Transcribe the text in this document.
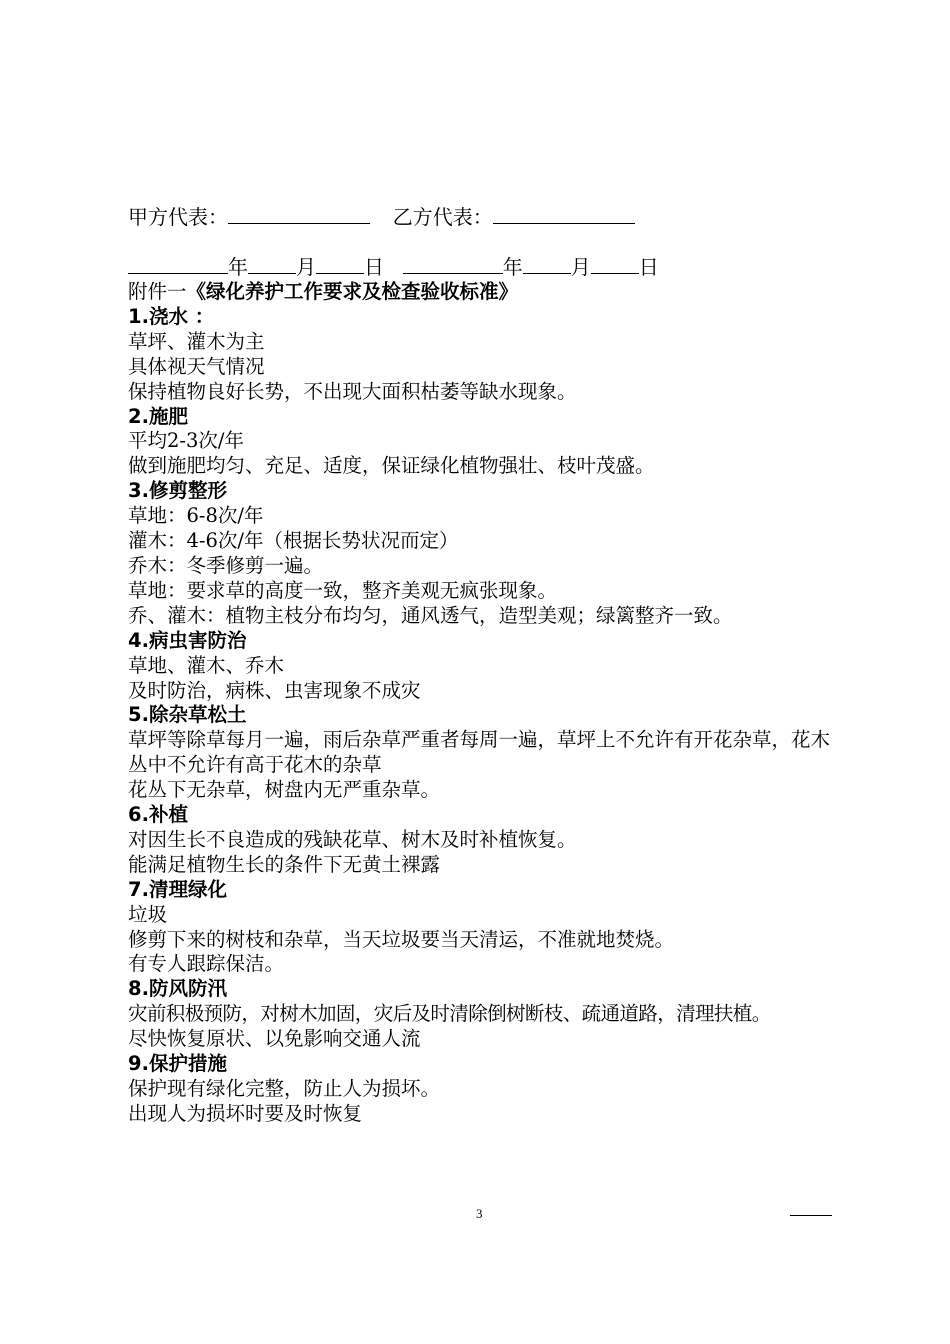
甲方代表：	乙方代表：
年 月 日	年 月 日

附件一《绿化养护工作要求及检查验收标准》

1.浇水 ：

草坪、灌木为主

具体视天气情况

保持植物良好长势，不出现大面积枯萎等缺水现象。

2.施肥

平均2-3次/年

做到施肥均匀、充足、适度，保证绿化植物强壮、枝叶茂盛。

3.修剪整形

草地：6-8次/年

灌木：4-6次/年（根据长势状况而定）

乔木：冬季修剪一遍。

草地：要求草的高度一致，整齐美观无疯张现象。

乔、灌木：植物主枝分布均匀，通风透气，造型美观；绿篱整齐一致。

4.病虫害防治

草地、灌木、乔木

及时防治，病株、虫害现象不成灾

5.除杂草松土

草坪等除草每月一遍，雨后杂草严重者每周一遍，草坪上不允许有开花杂草，花木丛中不允许有高于花木的杂草

花丛下无杂草，树盘内无严重杂草。

6.补植

对因生长不良造成的残缺花草、树木及时补植恢复。

能满足植物生长的条件下无黄土裸露

7.清理绿化

垃圾

修剪下来的树枝和杂草，当天垃圾要当天清运，不准就地焚烧。

有专人跟踪保洁。

8.防风防汛

灾前积极预防，对树木加固，灾后及时清除倒树断枝、疏通道路，清理扶植。

尽快恢复原状、以免影响交通人流

9.保护措施

保护现有绿化完整，防止人为损坏。

出现人为损坏时要及时恢复

3
